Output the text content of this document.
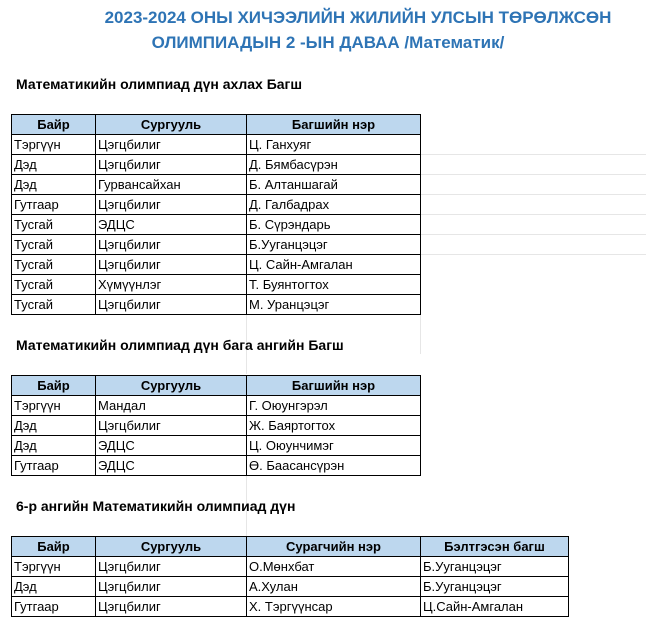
2023-2024 ОНЫ ХИЧЭЭЛИЙН ЖИЛИЙН УЛСЫН ТӨРӨЛЖСӨН
ОЛИМПИАДЫН 2 -ЫН ДАВАА /Математик/
Математикийн олимпиад дүн ахлах Багш
Байр	Сургууль	Багшийн нэр
Тэргүүн	Цэгцбилиг	Ц. Ганхуяг
Дэд	Цэгцбилиг	Д. Бямбасүрэн
Дэд	Гурвансайхан	Б. Алтаншагай
Гутгаар	Цэгцбилиг	Д. Галбадрах
Тусгай	ЭДЦС	Б. Сүрэндарь
Тусгай	Цэгцбилиг	Б.Ууганцэцэг
Тусгай	Цэгцбилиг	Ц. Сайн-Амгалан
Тусгай	Хүмүүнлэг	Т. Буянтогтох
Тусгай	Цэгцбилиг	М. Уранцэцэг
Математикийн олимпиад дүн бага ангийн Багш
Байр	Сургууль	Багшийн нэр
Тэргүүн	Мандал	Г. Оюунгэрэл
Дэд	Цэгцбилиг	Ж. Баяртогтох
Дэд	ЭДЦС	Ц. Оюунчимэг
Гутгаар	ЭДЦС	Ө. Баасансүрэн
6-р ангийн Математикийн олимпиад дүн
Байр	Сургууль	Сурагчийн нэр	Бэлтгэсэн багш
Тэргүүн	Цэгцбилиг	О.Мөнхбат	Б.Ууганцэцэг
Дэд	Цэгцбилиг	А.Хулан	Б.Ууганцэцэг
Гутгаар	Цэгцбилиг	Х. Тэргүүнсар	Ц.Сайн-Амгалан
